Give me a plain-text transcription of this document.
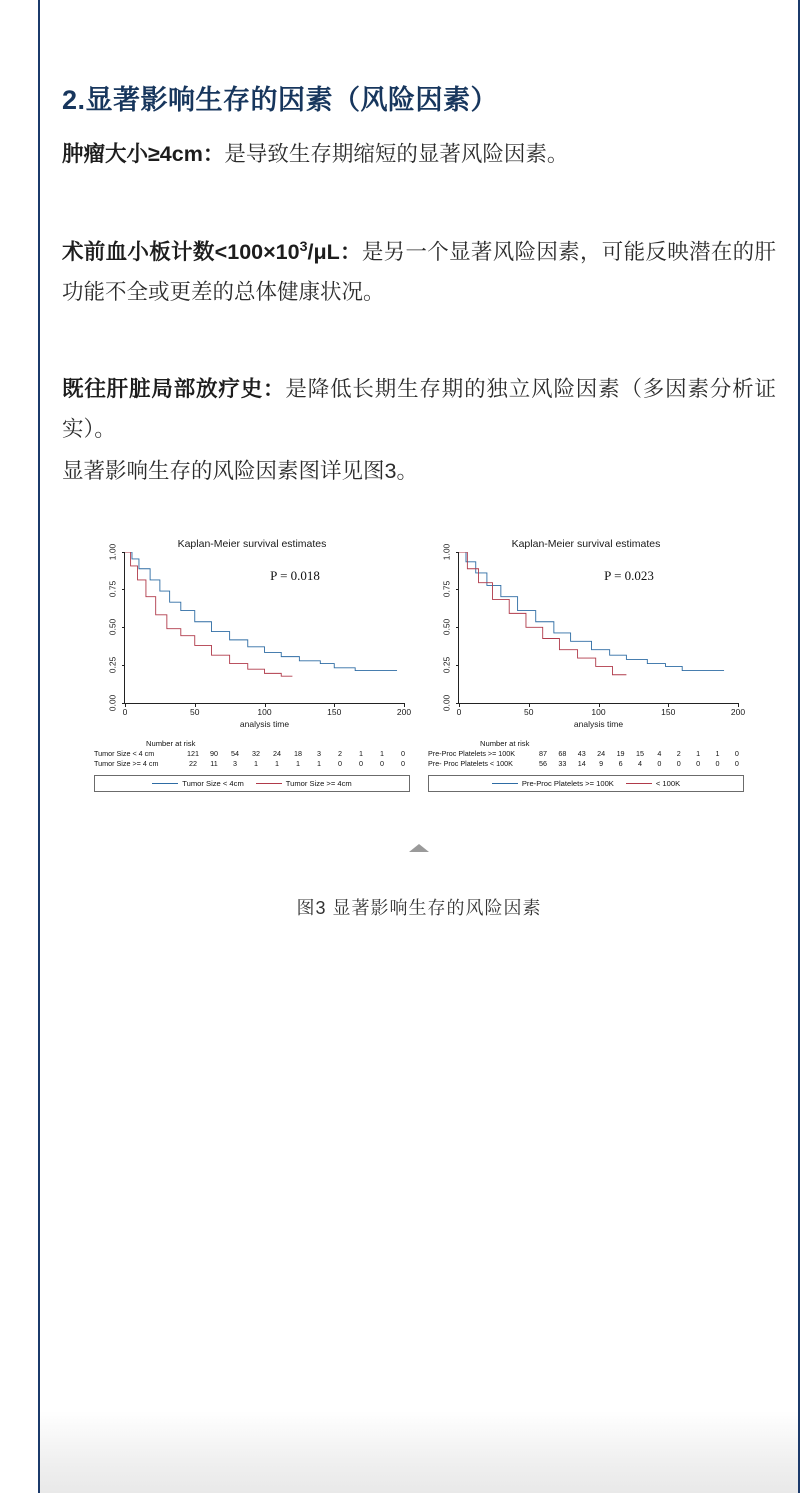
2.显著影响生存的因素（风险因素）

肿瘤大小≥4cm：是导致生存期缩短的显著风险因素。

术前血小板计数$<100\times 10^3/\mu L$：是另一个显著风险因素，可能反映潜在的肝功能不全或更差的总体健康状况。

既往肝脏局部放疗史：是降低长期生存期的独立风险因素（多因素分析证实）。

显著影响生存的风险因素图详见图3。

Kaplan-Meier survival estimates
P = 0.018
0.00
0.25
0.50
0.75
1.00
0	50	100	150	200
analysis time
Number at risk
Tumor Size < 4 cm	121	90	54	32	24	18	3	2	1	1	0
Tumor Size >= 4 cm	22	11	3	1	1	1	1	0	0	0	0
Tumor Size < 4cm	Tumor Size >= 4cm
Kaplan-Meier survival estimates
P = 0.023
0.00
0.25
0.50
0.75
1.00
0	50	100	150	200
analysis time
Number at risk
Pre-Proc Platelets >= 100K	87	68	43	24	19	15	4	2	1	1	0
Pre- Proc Platelets < 100K	56	33	14	9	6	4	0	0	0	0	0
Pre-Proc Platelets >= 100K	< 100K
图3 显著影响生存的风险因素
